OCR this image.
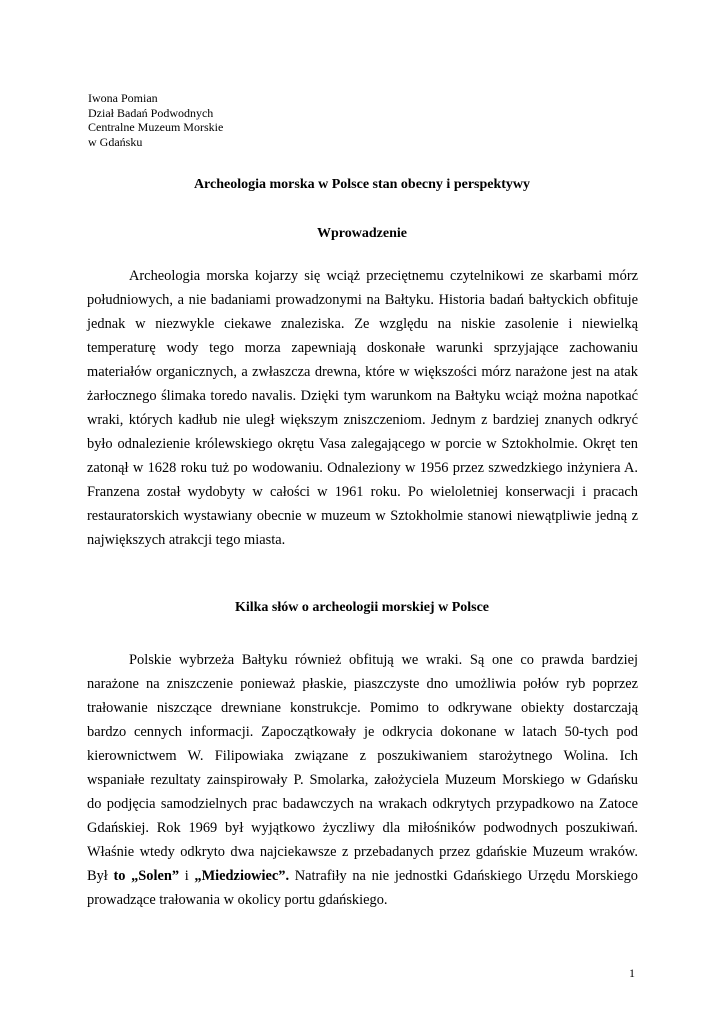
Iwona Pomian
Dział Badań Podwodnych
Centralne Muzeum Morskie
w Gdańsku
Archeologia morska w Polsce stan obecny i perspektywy
Wprowadzenie
Archeologia morska kojarzy się wciąż przeciętnemu czytelnikowi ze skarbami mórz
południowych, a nie badaniami prowadzonymi na Bałtyku. Historia badań bałtyckich obfituje
jednak w niezwykle ciekawe znaleziska. Ze względu na niskie zasolenie i niewielką
temperaturę wody tego morza zapewniają doskonałe warunki sprzyjające zachowaniu
materiałów organicznych, a zwłaszcza drewna, które w większości mórz narażone jest na atak
żarłocznego ślimaka toredo navalis. Dzięki tym warunkom na Bałtyku wciąż można napotkać
wraki, których kadłub nie uległ większym zniszczeniom. Jednym z bardziej znanych odkryć
było odnalezienie królewskiego okrętu Vasa zalegającego w porcie w Sztokholmie. Okręt ten
zatonął w 1628 roku tuż po wodowaniu. Odnaleziony w 1956 przez szwedzkiego inżyniera A.
Franzena został wydobyty w całości w 1961 roku. Po wieloletniej konserwacji i pracach
restauratorskich wystawiany obecnie w muzeum w Sztokholmie stanowi niewątpliwie jedną z
największych atrakcji tego miasta.
Kilka słów o archeologii morskiej w Polsce
Polskie wybrzeża Bałtyku również obfitują we wraki. Są one co prawda bardziej
narażone na zniszczenie ponieważ płaskie, piaszczyste dno umożliwia połów ryb poprzez
trałowanie niszczące drewniane konstrukcje. Pomimo to odkrywane obiekty dostarczają
bardzo cennych informacji. Zapoczątkowały je odkrycia dokonane w latach 50-tych pod
kierownictwem W. Filipowiaka związane z poszukiwaniem starożytnego Wolina. Ich
wspaniałe rezultaty zainspirowały P. Smolarka, założyciela Muzeum Morskiego w Gdańsku
do podjęcia samodzielnych prac badawczych na wrakach odkrytych przypadkowo na Zatoce
Gdańskiej. Rok 1969 był wyjątkowo życzliwy dla miłośników podwodnych poszukiwań.
Właśnie wtedy odkryto dwa najciekawsze z przebadanych przez gdańskie Muzeum wraków.
Był to „Solen” i „Miedziowiec”. Natrafiły na nie jednostki Gdańskiego Urzędu Morskiego
prowadzące trałowania w okolicy portu gdańskiego.
1
